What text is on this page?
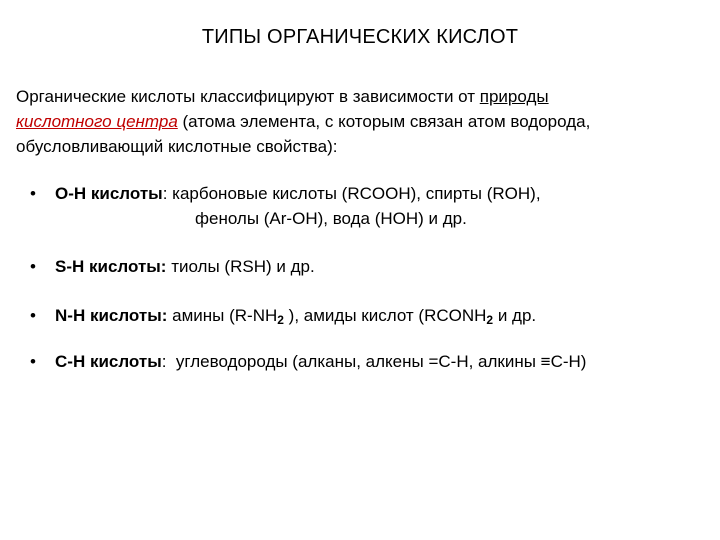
ТИПЫ ОРГАНИЧЕСКИХ КИСЛОТ
Органические кислоты классифицируют в зависимости от природы
кислотного центра (атома элемента, с которым связан атом водорода, обусловливающий кислотные свойства):
• O-H кислоты: карбоновые кислоты (RCOOH), спирты (ROH),
фенолы (Ar-OH), вода (HOH) и др.
• S-H кислоты: тиолы (RSH) и др.
• N-H кислоты: амины ($R-NH_2$ ), амиды кислот ($RCONH_2$ и др.
• C-H кислоты:  углеводороды (алканы, алкены =C-H, алкины ≡C-H)
